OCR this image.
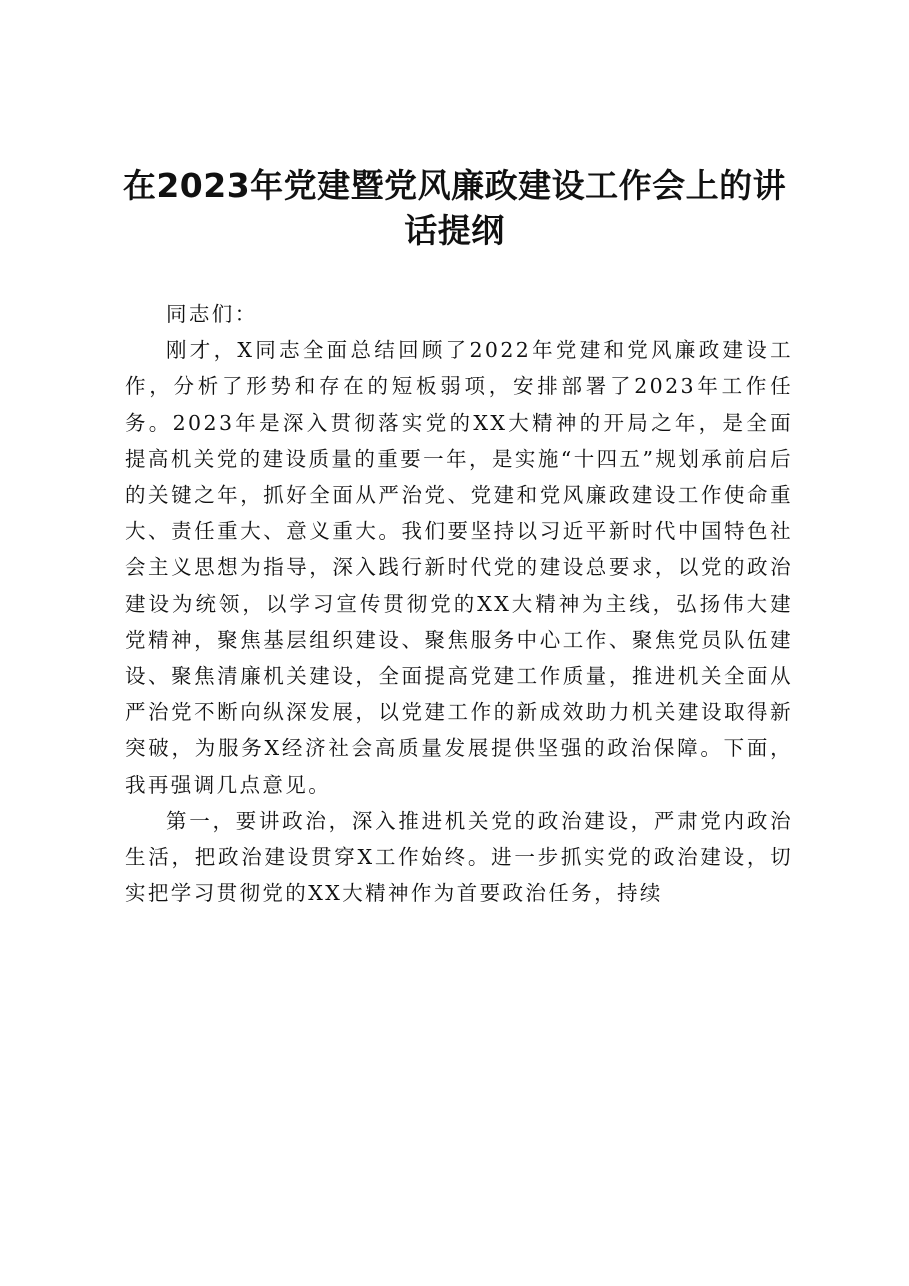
在2023年党建暨党风廉政建设工作会上的讲话提纲

同志们：

刚才，X同志全面总结回顾了2022年党建和党风廉政建设工作，分析了形势和存在的短板弱项，安排部署了2023年工作任务。2023年是深入贯彻落实党的XX大精神的开局之年，是全面提高机关党的建设质量的重要一年，是实施“十四五”规划承前启后的关键之年，抓好全面从严治党、党建和党风廉政建设工作使命重大、责任重大、意义重大。我们要坚持以习近平新时代中国特色社会主义思想为指导，深入践行新时代党的建设总要求，以党的政治建设为统领，以学习宣传贯彻党的XX大精神为主线，弘扬伟大建党精神，聚焦基层组织建设、聚焦服务中心工作、聚焦党员队伍建设、聚焦清廉机关建设，全面提高党建工作质量，推进机关全面从严治党不断向纵深发展，以党建工作的新成效助力机关建设取得新突破，为服务X经济社会高质量发展提供坚强的政治保障。下面，我再强调几点意见。

第一，要讲政治，深入推进机关党的政治建设，严肃党内政治生活，把政治建设贯穿X工作始终。进一步抓实党的政治建设，切实把学习贯彻党的XX大精神作为首要政治任务，持续
